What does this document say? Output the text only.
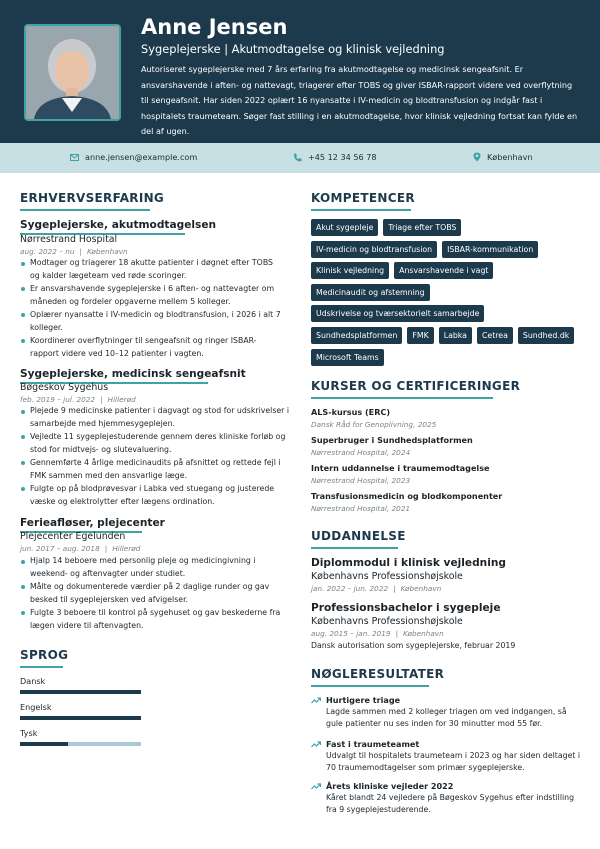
Anne Jensen
Sygeplejerske | Akutmodtagelse og klinisk vejledning
Autoriseret sygeplejerske med 7 års erfaring fra akutmodtagelse og medicinsk sengeafsnit. Er ansvarshavende i aften- og nattevagt, triagerer efter TOBS og giver ISBAR-rapport videre ved overflytning til sengeafsnit. Har siden 2022 oplært 16 nyansatte i IV-medicin og blodtransfusion og indgår fast i hospitalets traumeteam. Søger fast stilling i en akutmodtagelse, hvor klinisk vejledning fortsat kan fylde en del af ugen.
anne.jensen@example.com	+45 12 34 56 78	København
ERHVERVSERFARING
Sygeplejerske, akutmodtagelsen
Nørrestrand Hospital
aug. 2022 – nu | København
Modtager og triagerer 18 akutte patienter i døgnet efter TOBS og kalder lægeteam ved røde scoringer.
Er ansvarshavende sygeplejerske i 6 aften- og nattevagter om måneden og fordeler opgaverne mellem 5 kolleger.
Oplærer nyansatte i IV-medicin og blodtransfusion, i 2026 i alt 7 kolleger.
Koordinerer overflytninger til sengeafsnit og ringer ISBAR-rapport videre ved 10–12 patienter i vagten.
Sygeplejerske, medicinsk sengeafsnit
Bøgeskov Sygehus
feb. 2019 – jul. 2022 | Hillerød
Plejede 9 medicinske patienter i dagvagt og stod for udskrivelser i samarbejde med hjemmesygeplejen.
Vejledte 11 sygeplejestuderende gennem deres kliniske forløb og stod for midtvejs- og slutevaluering.
Gennemførte 4 årlige medicinaudits på afsnittet og rettede fejl i FMK sammen med den ansvarlige læge.
Fulgte op på blodprøvesvar i Labka ved stuegang og justerede væske og elektrolytter efter lægens ordination.
Ferieafløser, plejecenter
Plejecenter Egelunden
jun. 2017 – aug. 2018 | Hillerød
Hjalp 14 beboere med personlig pleje og medicingivning i weekend- og aftenvagter under studiet.
Målte og dokumenterede værdier på 2 daglige runder og gav besked til sygeplejersken ved afvigelser.
Fulgte 3 beboere til kontrol på sygehuset og gav beskederne fra lægen videre til aftenvagten.
SPROG
Dansk
Engelsk
Tysk
KOMPETENCER
Akut sygepleje	Triage efter TOBS
IV-medicin og blodtransfusion	ISBAR-kommunikation
Klinisk vejledning	Ansvarshavende i vagt
Medicinaudit og afstemning
Udskrivelse og tværsektorielt samarbejde
Sundhedsplatformen	FMK	Labka	Cetrea	Sundhed.dk
Microsoft Teams
KURSER OG CERTIFICERINGER
ALS-kursus (ERC)
Dansk Råd for Genoplivning, 2025
Superbruger i Sundhedsplatformen
Nørrestrand Hospital, 2024
Intern uddannelse i traumemodtagelse
Nørrestrand Hospital, 2023
Transfusionsmedicin og blodkomponenter
Nørrestrand Hospital, 2021
UDDANNELSE
Diplommodul i klinisk vejledning
Københavns Professionshøjskole
jan. 2022 – jun. 2022 | København
Professionsbachelor i sygepleje
Københavns Professionshøjskole
aug. 2015 – jan. 2019 | København
Dansk autorisation som sygeplejerske, februar 2019
NØGLERESULTATER
Hurtigere triage
Lagde sammen med 2 kolleger triagen om ved indgangen, så gule patienter nu ses inden for 30 minutter mod 55 før.
Fast i traumeteamet
Udvalgt til hospitalets traumeteam i 2023 og har siden deltaget i 70 traumemodtagelser som primær sygeplejerske.
Årets kliniske vejleder 2022
Kåret blandt 24 vejledere på Bøgeskov Sygehus efter indstilling fra 9 sygeplejestuderende.
